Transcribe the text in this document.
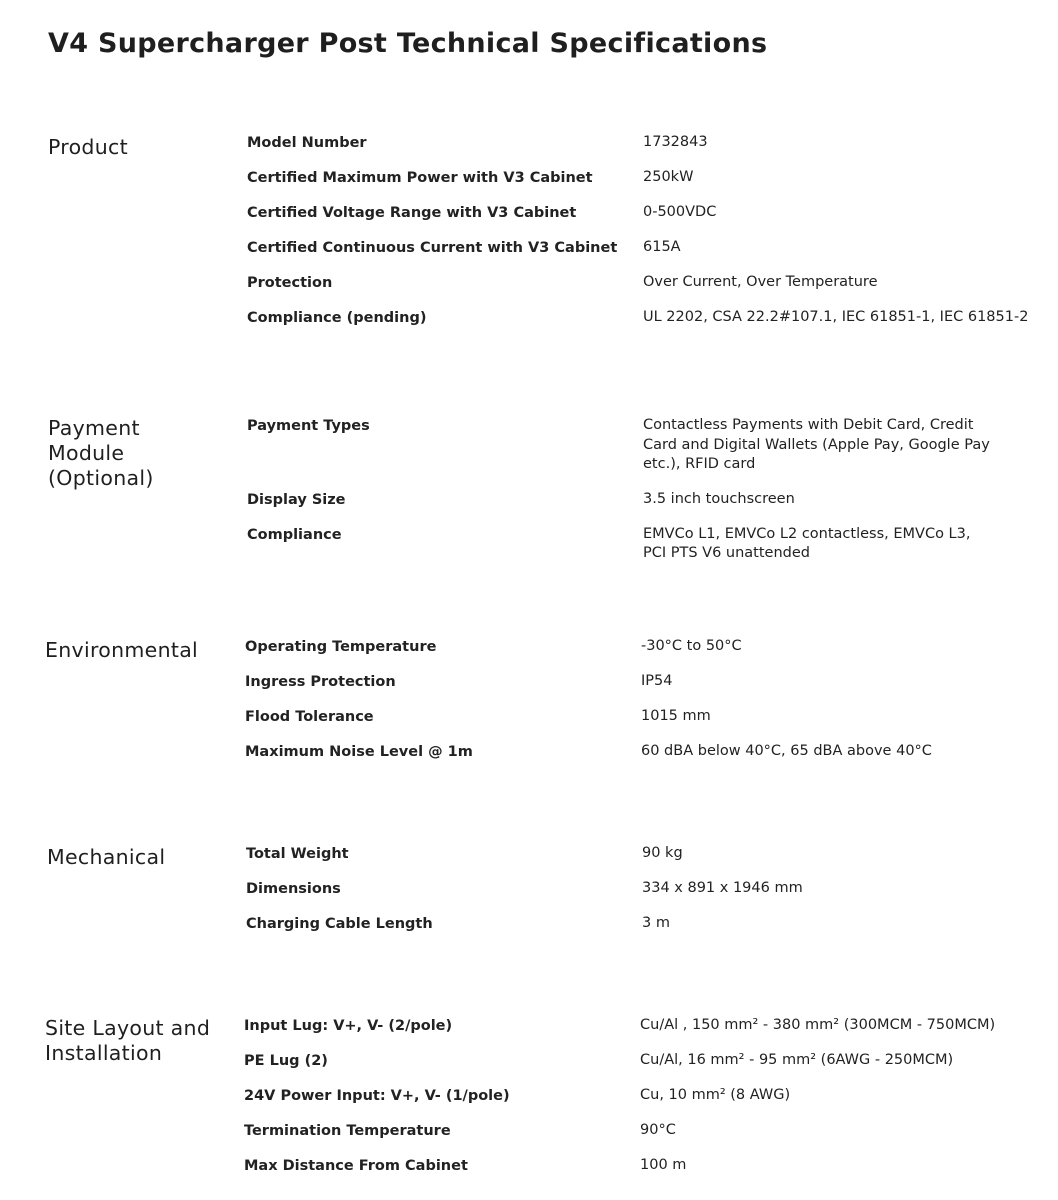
V4 Supercharger Post Technical Specifications
Product	Model Number	1732843
Certified Maximum Power with V3 Cabinet	250kW
Certified Voltage Range with V3 Cabinet	0-500VDC
Certified Continuous Current with V3 Cabinet	615A
Protection	Over Current, Over Temperature
Compliance (pending)	UL 2202, CSA 22.2#107.1, IEC 61851-1, IEC 61851-2
Payment
Module
(Optional)
Payment Types	Contactless Payments with Debit Card, Credit Card and Digital Wallets (Apple Pay, Google Pay etc.), RFID card
Display Size	3.5 inch touchscreen
Compliance	EMVCo L1, EMVCo L2 contactless, EMVCo L3, PCI PTS V6 unattended
Environmental	Operating Temperature	-30°C to 50°C
Ingress Protection	IP54
Flood Tolerance	1015 mm
Maximum Noise Level @ 1m	60 dBA below 40°C, 65 dBA above 40°C
Mechanical	Total Weight	90 kg
Dimensions	334 x 891 x 1946 mm
Charging Cable Length	3 m
Site Layout and
Installation
Input Lug: V+, V- (2/pole)	Cu/Al , 150 mm² - 380 mm² (300MCM - 750MCM)
PE Lug (2)	Cu/Al, 16 mm² - 95 mm² (6AWG - 250MCM)
24V Power Input: V+, V- (1/pole)	Cu, 10 mm² (8 AWG)
Termination Temperature	90°C
Max Distance From Cabinet	100 m
